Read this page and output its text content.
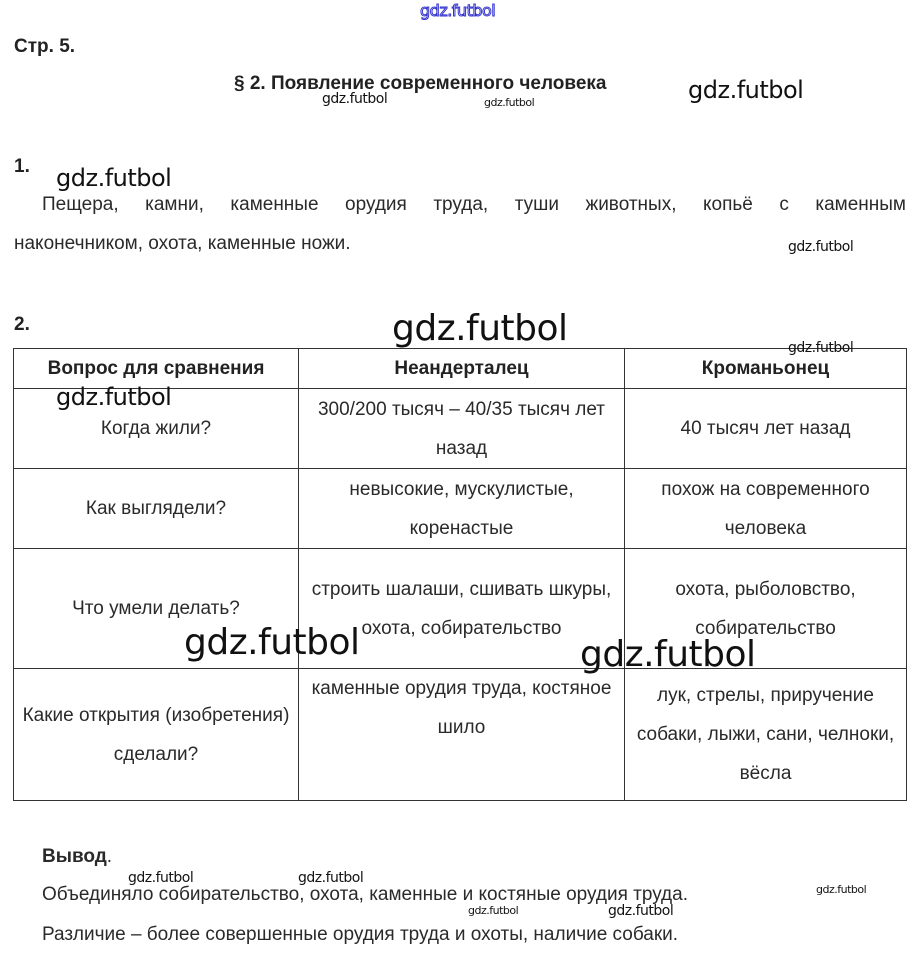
gdz.futbol
Стр. 5.
§ 2. Появление современного человека	gdz.futbol
gdz.futbol	gdz.futbol
1. gdz.futbol
Пещера, камни, каменные орудия труда, туши животных, копьё с каменным
наконечником, охота, каменные ножи.	gdz.futbol
2.	gdz.futbol
Вопрос для сравнения	Неандерталец	Кроманьонец
Когда жили?	300/200 тысяч – 40/35 тысяч лет назад	40 тысяч лет назад
Как выглядели?	невысокие, мускулистые, коренастые	похож на современного человека
Что умели делать?	строить шалаши, сшивать шкуры, охота, собирательство	охота, рыболовство, собирательство
Какие открытия (изобретения) сделали?	каменные орудия труда, костяное шило	лук, стрелы, приручение собаки, лыжи, сани, челноки, вёсла
gdz.futbol
gdz.futbol
gdz.futbol	gdz.futbol
Вывод.
gdz.futbol	gdz.futbol
Объединяло собирательство, охота, каменные и костяные орудия труда.	gdz.futbol
gdz.futbol	gdz.futbol
Различие – более совершенные орудия труда и охоты, наличие собаки.
